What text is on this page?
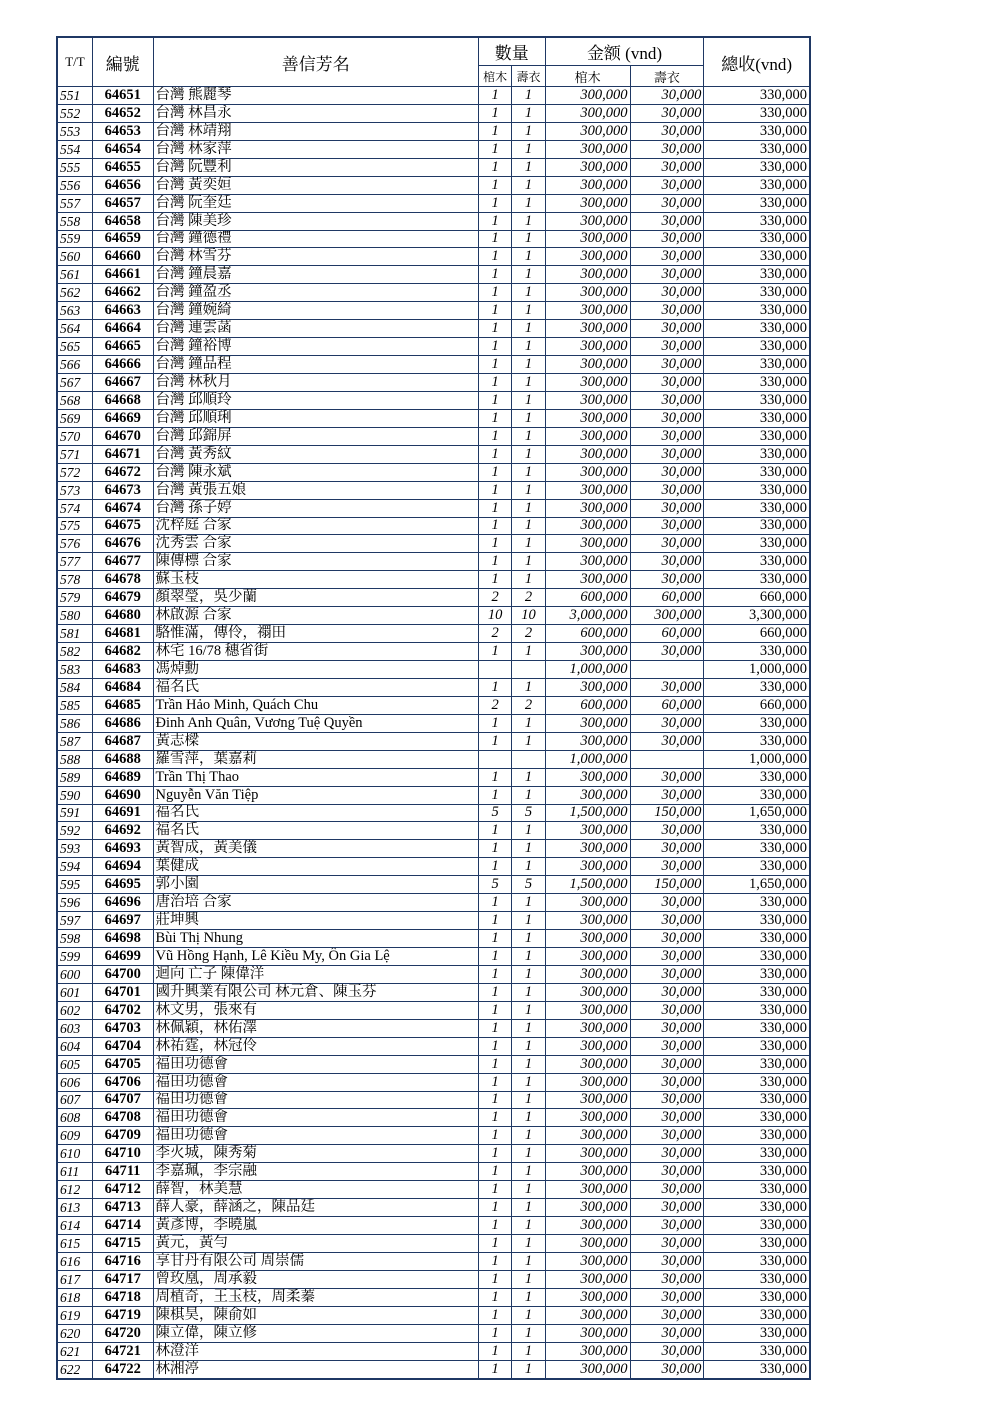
T/T	編號	善信芳名	數量		金额 (vnd)		總收(vnd)
			棺木	壽衣	棺木	壽衣	
551	64651	台灣 熊麗琴	1	1	300,000	30,000	330,000
552	64652	台灣 林昌永	1	1	300,000	30,000	330,000
553	64653	台灣 林靖翔	1	1	300,000	30,000	330,000
554	64654	台灣 林家萍	1	1	300,000	30,000	330,000
555	64655	台灣 阮豐利	1	1	300,000	30,000	330,000
556	64656	台灣 黃奕姮	1	1	300,000	30,000	330,000
557	64657	台灣 阮奎廷	1	1	300,000	30,000	330,000
558	64658	台灣 陳美珍	1	1	300,000	30,000	330,000
559	64659	台灣 鐘德禮	1	1	300,000	30,000	330,000
560	64660	台灣 林雪芬	1	1	300,000	30,000	330,000
561	64661	台灣 鐘晨嘉	1	1	300,000	30,000	330,000
562	64662	台灣 鐘盈丞	1	1	300,000	30,000	330,000
563	64663	台灣 鐘婉綺	1	1	300,000	30,000	330,000
564	64664	台灣 連雲菡	1	1	300,000	30,000	330,000
565	64665	台灣 鐘裕博	1	1	300,000	30,000	330,000
566	64666	台灣 鐘品程	1	1	300,000	30,000	330,000
567	64667	台灣 林秋月	1	1	300,000	30,000	330,000
568	64668	台灣 邱順玲	1	1	300,000	30,000	330,000
569	64669	台灣 邱順琍	1	1	300,000	30,000	330,000
570	64670	台灣 邱錦屏	1	1	300,000	30,000	330,000
571	64671	台灣 黃秀紋	1	1	300,000	30,000	330,000
572	64672	台灣 陳永斌	1	1	300,000	30,000	330,000
573	64673	台灣 黃張五娘	1	1	300,000	30,000	330,000
574	64674	台灣 孫子婷	1	1	300,000	30,000	330,000
575	64675	沈梓庭 合家	1	1	300,000	30,000	330,000
576	64676	沈秀雲 合家	1	1	300,000	30,000	330,000
577	64677	陳傳標 合家	1	1	300,000	30,000	330,000
578	64678	蘇玉枝	1	1	300,000	30,000	330,000
579	64679	顏翠瑩，吳少蘭	2	2	600,000	60,000	660,000
580	64680	林啟源 合家	10	10	3,000,000	300,000	3,300,000
581	64681	駱惟滿，傳伶，禤田	2	2	600,000	60,000	660,000
582	64682	林宅 16/78 穗省街	1	1	300,000	30,000	330,000
583	64683	馮焯勳			1,000,000		1,000,000
584	64684	福名氏	1	1	300,000	30,000	330,000
585	64685	Trần Hảo Minh, Quách Chu	2	2	600,000	60,000	660,000
586	64686	Đinh Anh Quân, Vương Tuệ Quyền	1	1	300,000	30,000	330,000
587	64687	黃志樑	1	1	300,000	30,000	330,000
588	64688	羅雪萍，葉嘉莉			1,000,000		1,000,000
589	64689	Trần Thị Thao	1	1	300,000	30,000	330,000
590	64690	Nguyễn Văn Tiệp	1	1	300,000	30,000	330,000
591	64691	福名氏	5	5	1,500,000	150,000	1,650,000
592	64692	福名氏	1	1	300,000	30,000	330,000
593	64693	黃智成，黃美儀	1	1	300,000	30,000	330,000
594	64694	葉健成	1	1	300,000	30,000	330,000
595	64695	郭小園	5	5	1,500,000	150,000	1,650,000
596	64696	唐治培 合家	1	1	300,000	30,000	330,000
597	64697	莊坤興	1	1	300,000	30,000	330,000
598	64698	Bùi Thị Nhung	1	1	300,000	30,000	330,000
599	64699	Vũ Hồng Hạnh, Lê Kiều My, Ôn Gia Lệ	1	1	300,000	30,000	330,000
600	64700	迴向 亡子 陳偉洋	1	1	300,000	30,000	330,000
601	64701	國升興業有限公司 林元倉、陳玉芬	1	1	300,000	30,000	330,000
602	64702	林文男，張來有	1	1	300,000	30,000	330,000
603	64703	林佩穎，林佑澤	1	1	300,000	30,000	330,000
604	64704	林祐霆，林冠伶	1	1	300,000	30,000	330,000
605	64705	福田功德會	1	1	300,000	30,000	330,000
606	64706	福田功德會	1	1	300,000	30,000	330,000
607	64707	福田功德會	1	1	300,000	30,000	330,000
608	64708	福田功德會	1	1	300,000	30,000	330,000
609	64709	福田功德會	1	1	300,000	30,000	330,000
610	64710	李火城，陳秀菊	1	1	300,000	30,000	330,000
611	64711	李嘉珮，李宗融	1	1	300,000	30,000	330,000
612	64712	薛智，林美慧	1	1	300,000	30,000	330,000
613	64713	薛人豪，薛涵之，陳品廷	1	1	300,000	30,000	330,000
614	64714	黃彥博，李曉嵐	1	1	300,000	30,000	330,000
615	64715	黃元，黃勻	1	1	300,000	30,000	330,000
616	64716	享甘丹有限公司 周崇儒	1	1	300,000	30,000	330,000
617	64717	曾玫凰，周承毅	1	1	300,000	30,000	330,000
618	64718	周植奇，王玉枝，周柔蓁	1	1	300,000	30,000	330,000
619	64719	陳棋昊，陳俞如	1	1	300,000	30,000	330,000
620	64720	陳立偉，陳立修	1	1	300,000	30,000	330,000
621	64721	林澄洋	1	1	300,000	30,000	330,000
622	64722	林湘渟	1	1	300,000	30,000	330,000
